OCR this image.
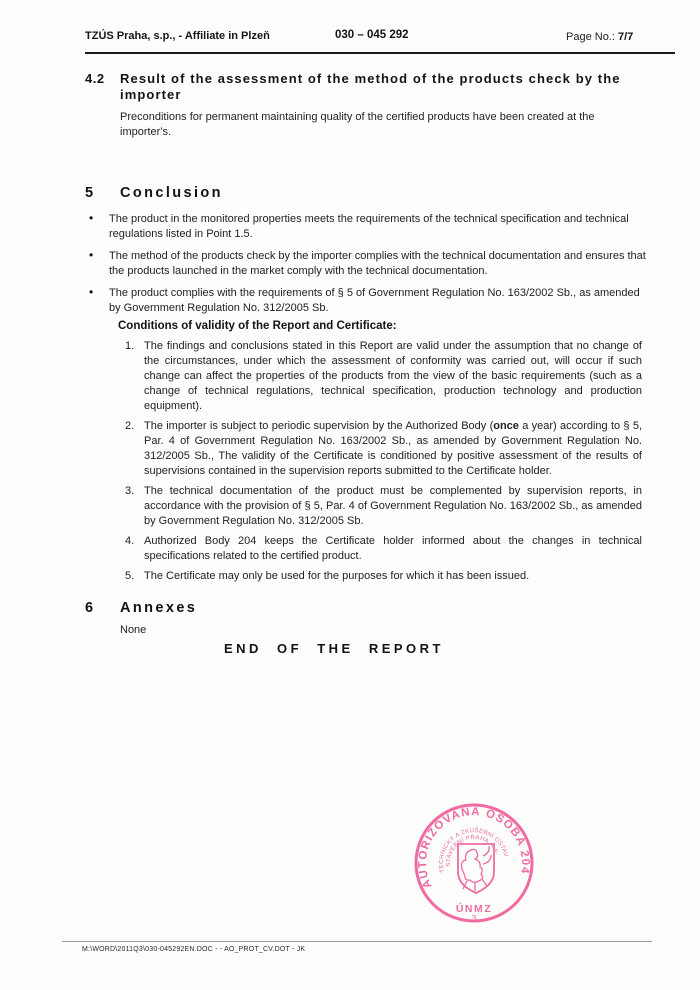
TZÚS Praha, s.p., - Affiliate in Plzeň	030 – 045 292	Page No.: 7/7
4.2	Result of the assessment of the method of the products check by the importer
Preconditions for permanent maintaining quality of the certified products have been created at the importer's.
5	Conclusion
• The product in the monitored properties meets the requirements of the technical specification and technical regulations listed in Point 1.5.
• The method of the products check by the importer complies with the technical documentation and ensures that the products launched in the market comply with the technical documentation.
• The product complies with the requirements of § 5 of Government Regulation No. 163/2002 Sb., as amended by Government Regulation No. 312/2005 Sb.
Conditions of validity of the Report and Certificate:
1. The findings and conclusions stated in this Report are valid under the assumption that no change of the circumstances, under which the assessment of conformity was carried out, will occur if such change can affect the properties of the products from the view of the basic requirements (such as a change of technical regulations, technical specification, production technology and production equipment).
2. The importer is subject to periodic supervision by the Authorized Body (once a year) according to § 5, Par. 4 of Government Regulation No. 163/2002 Sb., as amended by Government Regulation No. 312/2005 Sb., The validity of the Certificate is conditioned by positive assessment of the results of supervisions contained in the supervision reports submitted to the Certificate holder.
3. The technical documentation of the product must be complemented by supervision reports, in accordance with the provision of § 5, Par. 4 of Government Regulation No. 163/2002 Sb., as amended by Government Regulation No. 312/2005 Sb.
4. Authorized Body 204 keeps the Certificate holder informed about the changes in technical specifications related to the certified product.
5. The Certificate may only be used for the purposes for which it has been issued.
6	Annexes
None
END OF THE REPORT
AUTORIZOVANÁ OSOBA 204
TECHNICKÝ A ZKUŠEBNÍ ÚSTAV
STAVEBNÍ PRAHA, s.p.
ÚNMZ
3
M:\WORD\2011Q3\030-045292EN.DOC - - AO_PROT_CV.DOT - JK
